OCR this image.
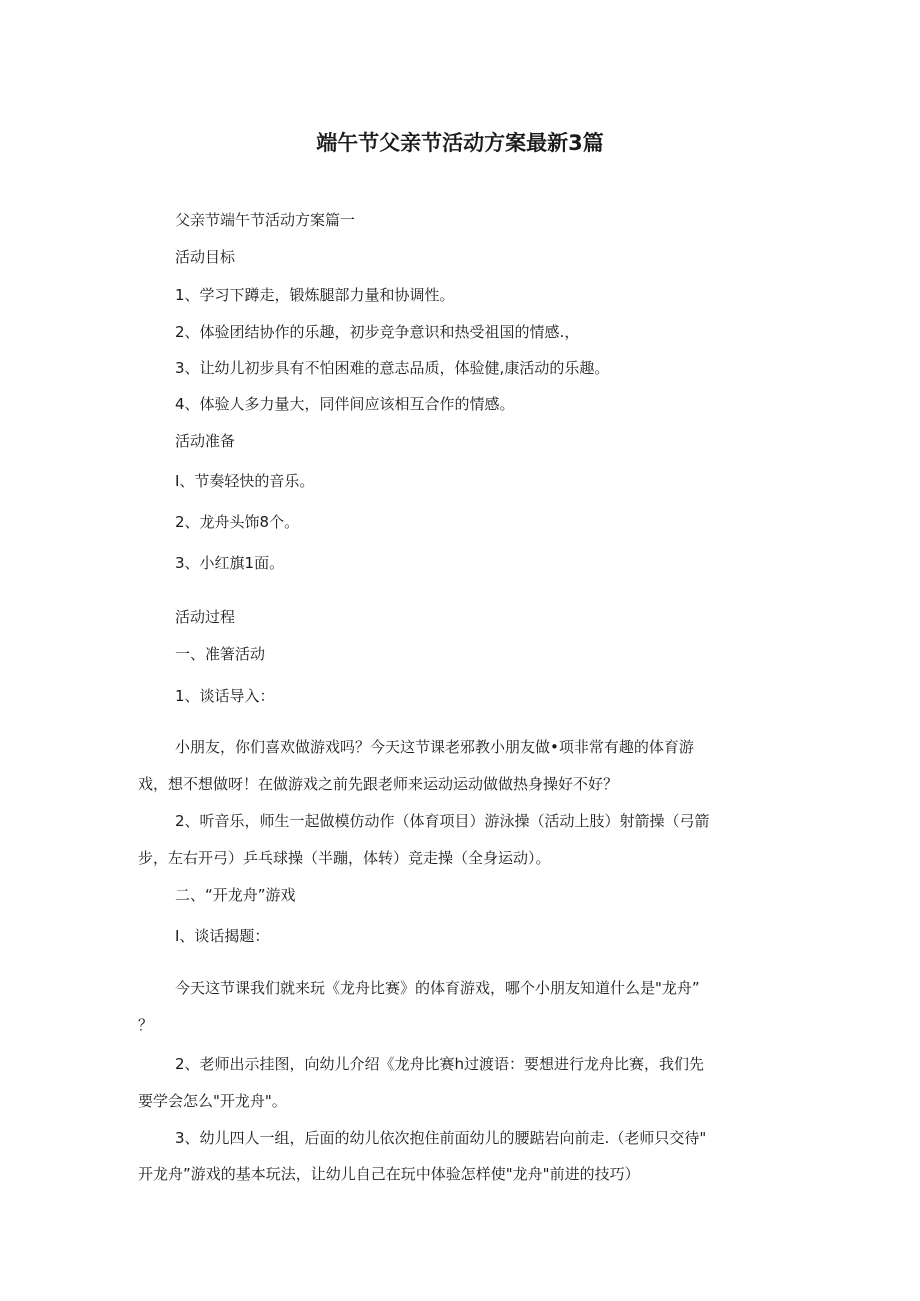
端午节父亲节活动方案最新3篇
父亲节端午节活动方案篇一
活动目标
1、学习下蹲走，锻炼腿部力量和协调性。
2、体验团结协作的乐趣，初步竞争意识和热受祖国的情感.，
3、让幼儿初步具有不怕困难的意志品质，体验健,康活动的乐趣。
4、体验人多力量大，同伴间应该相互合作的情感。
活动准备
I、节奏轻快的音乐。
2、龙舟头饰8个。
3、小红旗1面。
活动过程
一、准箸活动
1、谈话导入：
小朋友，你们喜欢做游戏吗？今天这节课老邪教小朋友做•项非常有趣的体育游
戏，想不想做呀！在做游戏之前先跟老师来运动运动做做热身操好不好？
2、听音乐，师生一起做模仿动作（体育项目）游泳操（活动上肢）射箭操（弓箭
步，左右开弓）乒乓球操（半蹦，体转）竞走操（全身运动）。
二、“开龙舟”游戏
I、谈话揭题：
今天这节课我们就来玩《龙舟比赛》的体育游戏，哪个小朋友知道什么是"龙舟”
？
2、老师出示挂图，向幼儿介绍《龙舟比赛h过渡语：要想进行龙舟比赛，我们先
要学会怎么"开龙舟"。
3、幼儿四人一组，后面的幼儿依次抱住前面幼儿的腰踮岩向前走.（老师只交待"
开龙舟”游戏的基本玩法，让幼儿自己在玩中体验怎样使"龙舟"前进的技巧）
